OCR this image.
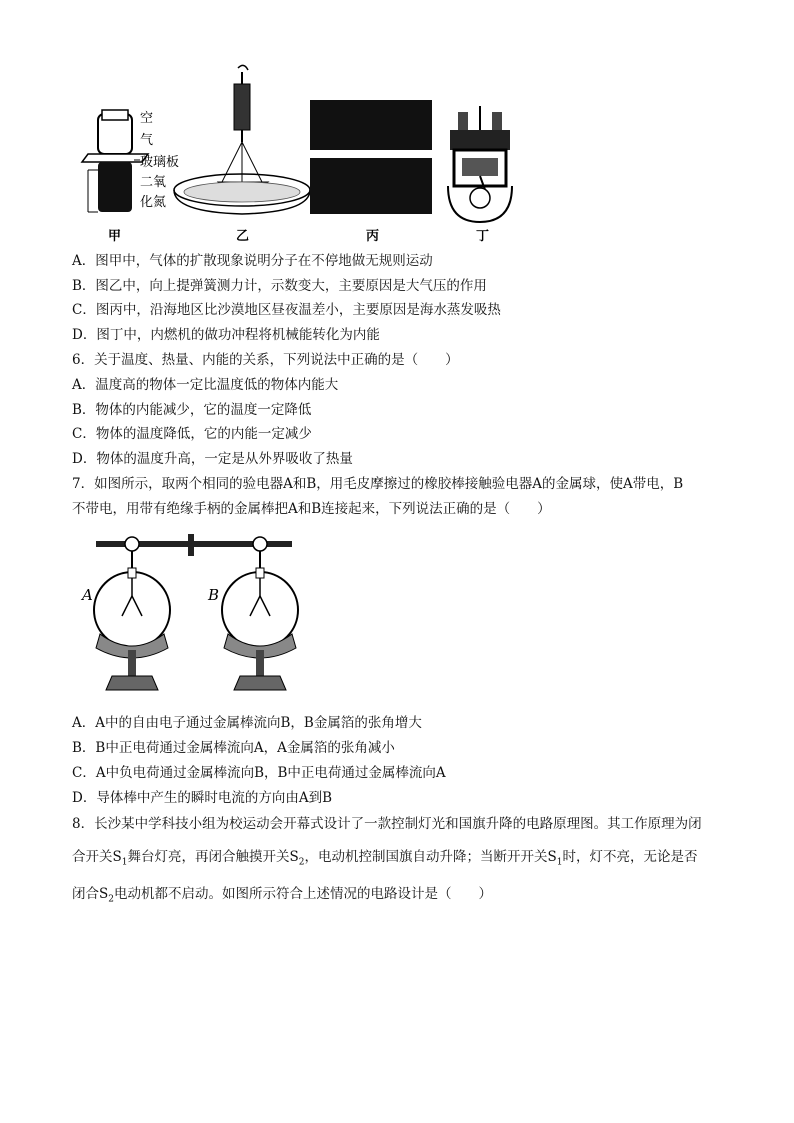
空
气
玻璃板
二氧
化氮
甲	乙	丙	丁
A．图甲中，气体的扩散现象说明分子在不停地做无规则运动
B．图乙中，向上提弹簧测力计，示数变大，主要原因是大气压的作用
C．图丙中，沿海地区比沙漠地区昼夜温差小，主要原因是海水蒸发吸热
D．图丁中，内燃机的做功冲程将机械能转化为内能
6．关于温度、热量、内能的关系，下列说法中正确的是（　　）
A．温度高的物体一定比温度低的物体内能大
B．物体的内能减少，它的温度一定降低
C．物体的温度降低，它的内能一定减少
D．物体的温度升高，一定是从外界吸收了热量
7．如图所示，取两个相同的验电器A和B，用毛皮摩擦过的橡胶棒接触验电器A的金属球，使A带电，B
不带电，用带有绝缘手柄的金属棒把A和B连接起来，下列说法正确的是（　　）
A	B
A．A中的自由电子通过金属棒流向B，B金属箔的张角增大
B．B中正电荷通过金属棒流向A，A金属箔的张角减小
C．A中负电荷通过金属棒流向B，B中正电荷通过金属棒流向A
D．导体棒中产生的瞬时电流的方向由A到B
8．长沙某中学科技小组为校运动会开幕式设计了一款控制灯光和国旗升降的电路原理图。其工作原理为闭
合开关$S_1$舞台灯亮，再闭合触摸开关$S_2$，电动机控制国旗自动升降；当断开开关$S_1$时，灯不亮，无论是否
闭合$S_2$电动机都不启动。如图所示符合上述情况的电路设计是（　　）
